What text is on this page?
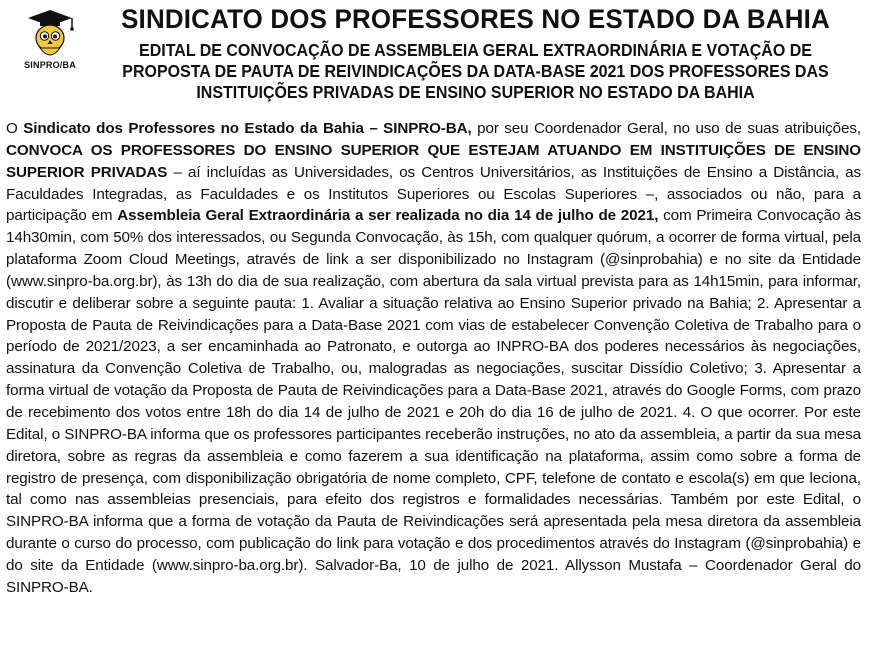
SINPRO/BA
SINDICATO DOS PROFESSORES NO ESTADO DA BAHIA
EDITAL DE CONVOCAÇÃO DE ASSEMBLEIA GERAL EXTRAORDINÁRIA E VOTAÇÃO DE
PROPOSTA DE PAUTA DE REIVINDICAÇÕES DA DATA-BASE 2021 DOS PROFESSORES DAS
INSTITUIÇÕES PRIVADAS DE ENSINO SUPERIOR NO ESTADO DA BAHIA
O Sindicato dos Professores no Estado da Bahia – SINPRO-BA, por seu Coordenador Geral, no uso de suas atribuições, CONVOCA OS PROFESSORES DO ENSINO SUPERIOR QUE ESTEJAM ATUANDO EM INSTITUIÇÕES DE ENSINO SUPERIOR PRIVADAS – aí incluídas as Universidades, os Centros Universitários, as Instituições de Ensino a Distância, as Faculdades Integradas, as Faculdades e os Institutos Superiores ou Escolas Superiores –, associados ou não, para a participação em Assembleia Geral Extraordinária a ser realizada no dia 14 de julho de 2021, com Primeira Convocação às 14h30min, com 50% dos interessados, ou Segunda Convocação, às 15h, com qualquer quórum, a ocorrer de forma virtual, pela plataforma Zoom Cloud Meetings, através de link a ser disponibilizado no Instagram (@sinprobahia) e no site da Entidade (www.sinpro-ba.org.br), às 13h do dia de sua realização, com abertura da sala virtual prevista para as 14h15min, para informar, discutir e deliberar sobre a seguinte pauta: 1. Avaliar a situação relativa ao Ensino Superior privado na Bahia; 2. Apresentar a Proposta de Pauta de Reivindicações para a Data-Base 2021 com vias de estabelecer Convenção Coletiva de Trabalho para o período de 2021/2023, a ser encaminhada ao Patronato, e outorga ao INPRO-BA dos poderes necessários às negociações, assinatura da Convenção Coletiva de Trabalho, ou, malogradas as negociações, suscitar Dissídio Coletivo; 3. Apresentar a forma virtual de votação da Proposta de Pauta de Reivindicações para a Data-Base 2021, através do Google Forms, com prazo de recebimento dos votos entre 18h do dia 14 de julho de 2021 e 20h do dia 16 de julho de 2021. 4. O que ocorrer. Por este Edital, o SINPRO-BA informa que os professores participantes receberão instruções, no ato da assembleia, a partir da sua mesa diretora, sobre as regras da assembleia e como fazerem a sua identificação na plataforma, assim como sobre a forma de registro de presença, com disponibilização obrigatória de nome completo, CPF, telefone de contato e escola(s) em que leciona, tal como nas assembleias presenciais, para efeito dos registros e formalidades necessárias. Também por este Edital, o SINPRO-BA informa que a forma de votação da Pauta de Reivindicações será apresentada pela mesa diretora da assembleia durante o curso do processo, com publicação do link para votação e dos procedimentos através do Instagram (@sinprobahia) e do site da Entidade (www.sinpro-ba.org.br). Salvador-Ba, 10 de julho de 2021. Allysson Mustafa – Coordenador Geral do SINPRO-BA.
